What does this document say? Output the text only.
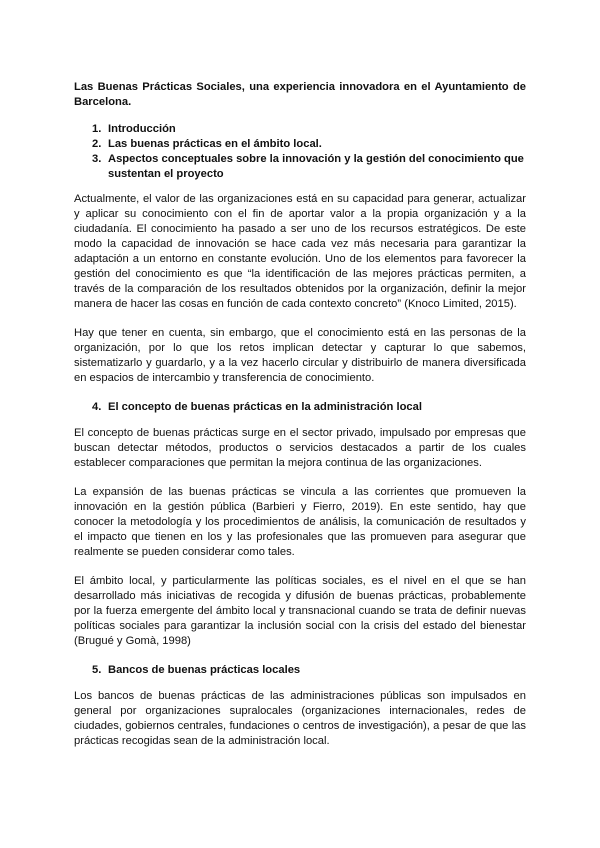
Las Buenas Prácticas Sociales, una experiencia innovadora en el Ayuntamiento de Barcelona.
1. Introducción
2. Las buenas prácticas en el ámbito local.
3. Aspectos conceptuales sobre la innovación y la gestión del conocimiento que sustentan el proyecto

Actualmente, el valor de las organizaciones está en su capacidad para generar, actualizar y aplicar su conocimiento con el fin de aportar valor a la propia organización y a la ciudadanía. El conocimiento ha pasado a ser uno de los recursos estratégicos. De este modo la capacidad de innovación se hace cada vez más necesaria para garantizar la adaptación a un entorno en constante evolución. Uno de los elementos para favorecer la gestión del conocimiento es que “la identificación de las mejores prácticas permiten, a través de la comparación de los resultados obtenidos por la organización, definir la mejor manera de hacer las cosas en función de cada contexto concreto” (Knoco Limited, 2015).

Hay que tener en cuenta, sin embargo, que el conocimiento está en las personas de la organización, por lo que los retos implican detectar y capturar lo que sabemos, sistematizarlo y guardarlo, y a la vez hacerlo circular y distribuirlo de manera diversificada en espacios de intercambio y transferencia de conocimiento.

4. El concepto de buenas prácticas en la administración local

El concepto de buenas prácticas surge en el sector privado, impulsado por empresas que buscan detectar métodos, productos o servicios destacados a partir de los cuales establecer comparaciones que permitan la mejora continua de las organizaciones.

La expansión de las buenas prácticas se vincula a las corrientes que promueven la innovación en la gestión pública (Barbieri y Fierro, 2019). En este sentido, hay que conocer la metodología y los procedimientos de análisis, la comunicación de resultados y el impacto que tienen en los y las profesionales que las promueven para asegurar que realmente se pueden considerar como tales.

El ámbito local, y particularmente las políticas sociales, es el nivel en el que se han desarrollado más iniciativas de recogida y difusión de buenas prácticas, probablemente por la fuerza emergente del ámbito local y transnacional cuando se trata de definir nuevas políticas sociales para garantizar la inclusión social con la crisis del estado del bienestar (Brugué y Gomà, 1998)

5. Bancos de buenas prácticas locales

Los bancos de buenas prácticas de las administraciones públicas son impulsados en general por organizaciones supralocales (organizaciones internacionales, redes de ciudades, gobiernos centrales, fundaciones o centros de investigación), a pesar de que las prácticas recogidas sean de la administración local.
